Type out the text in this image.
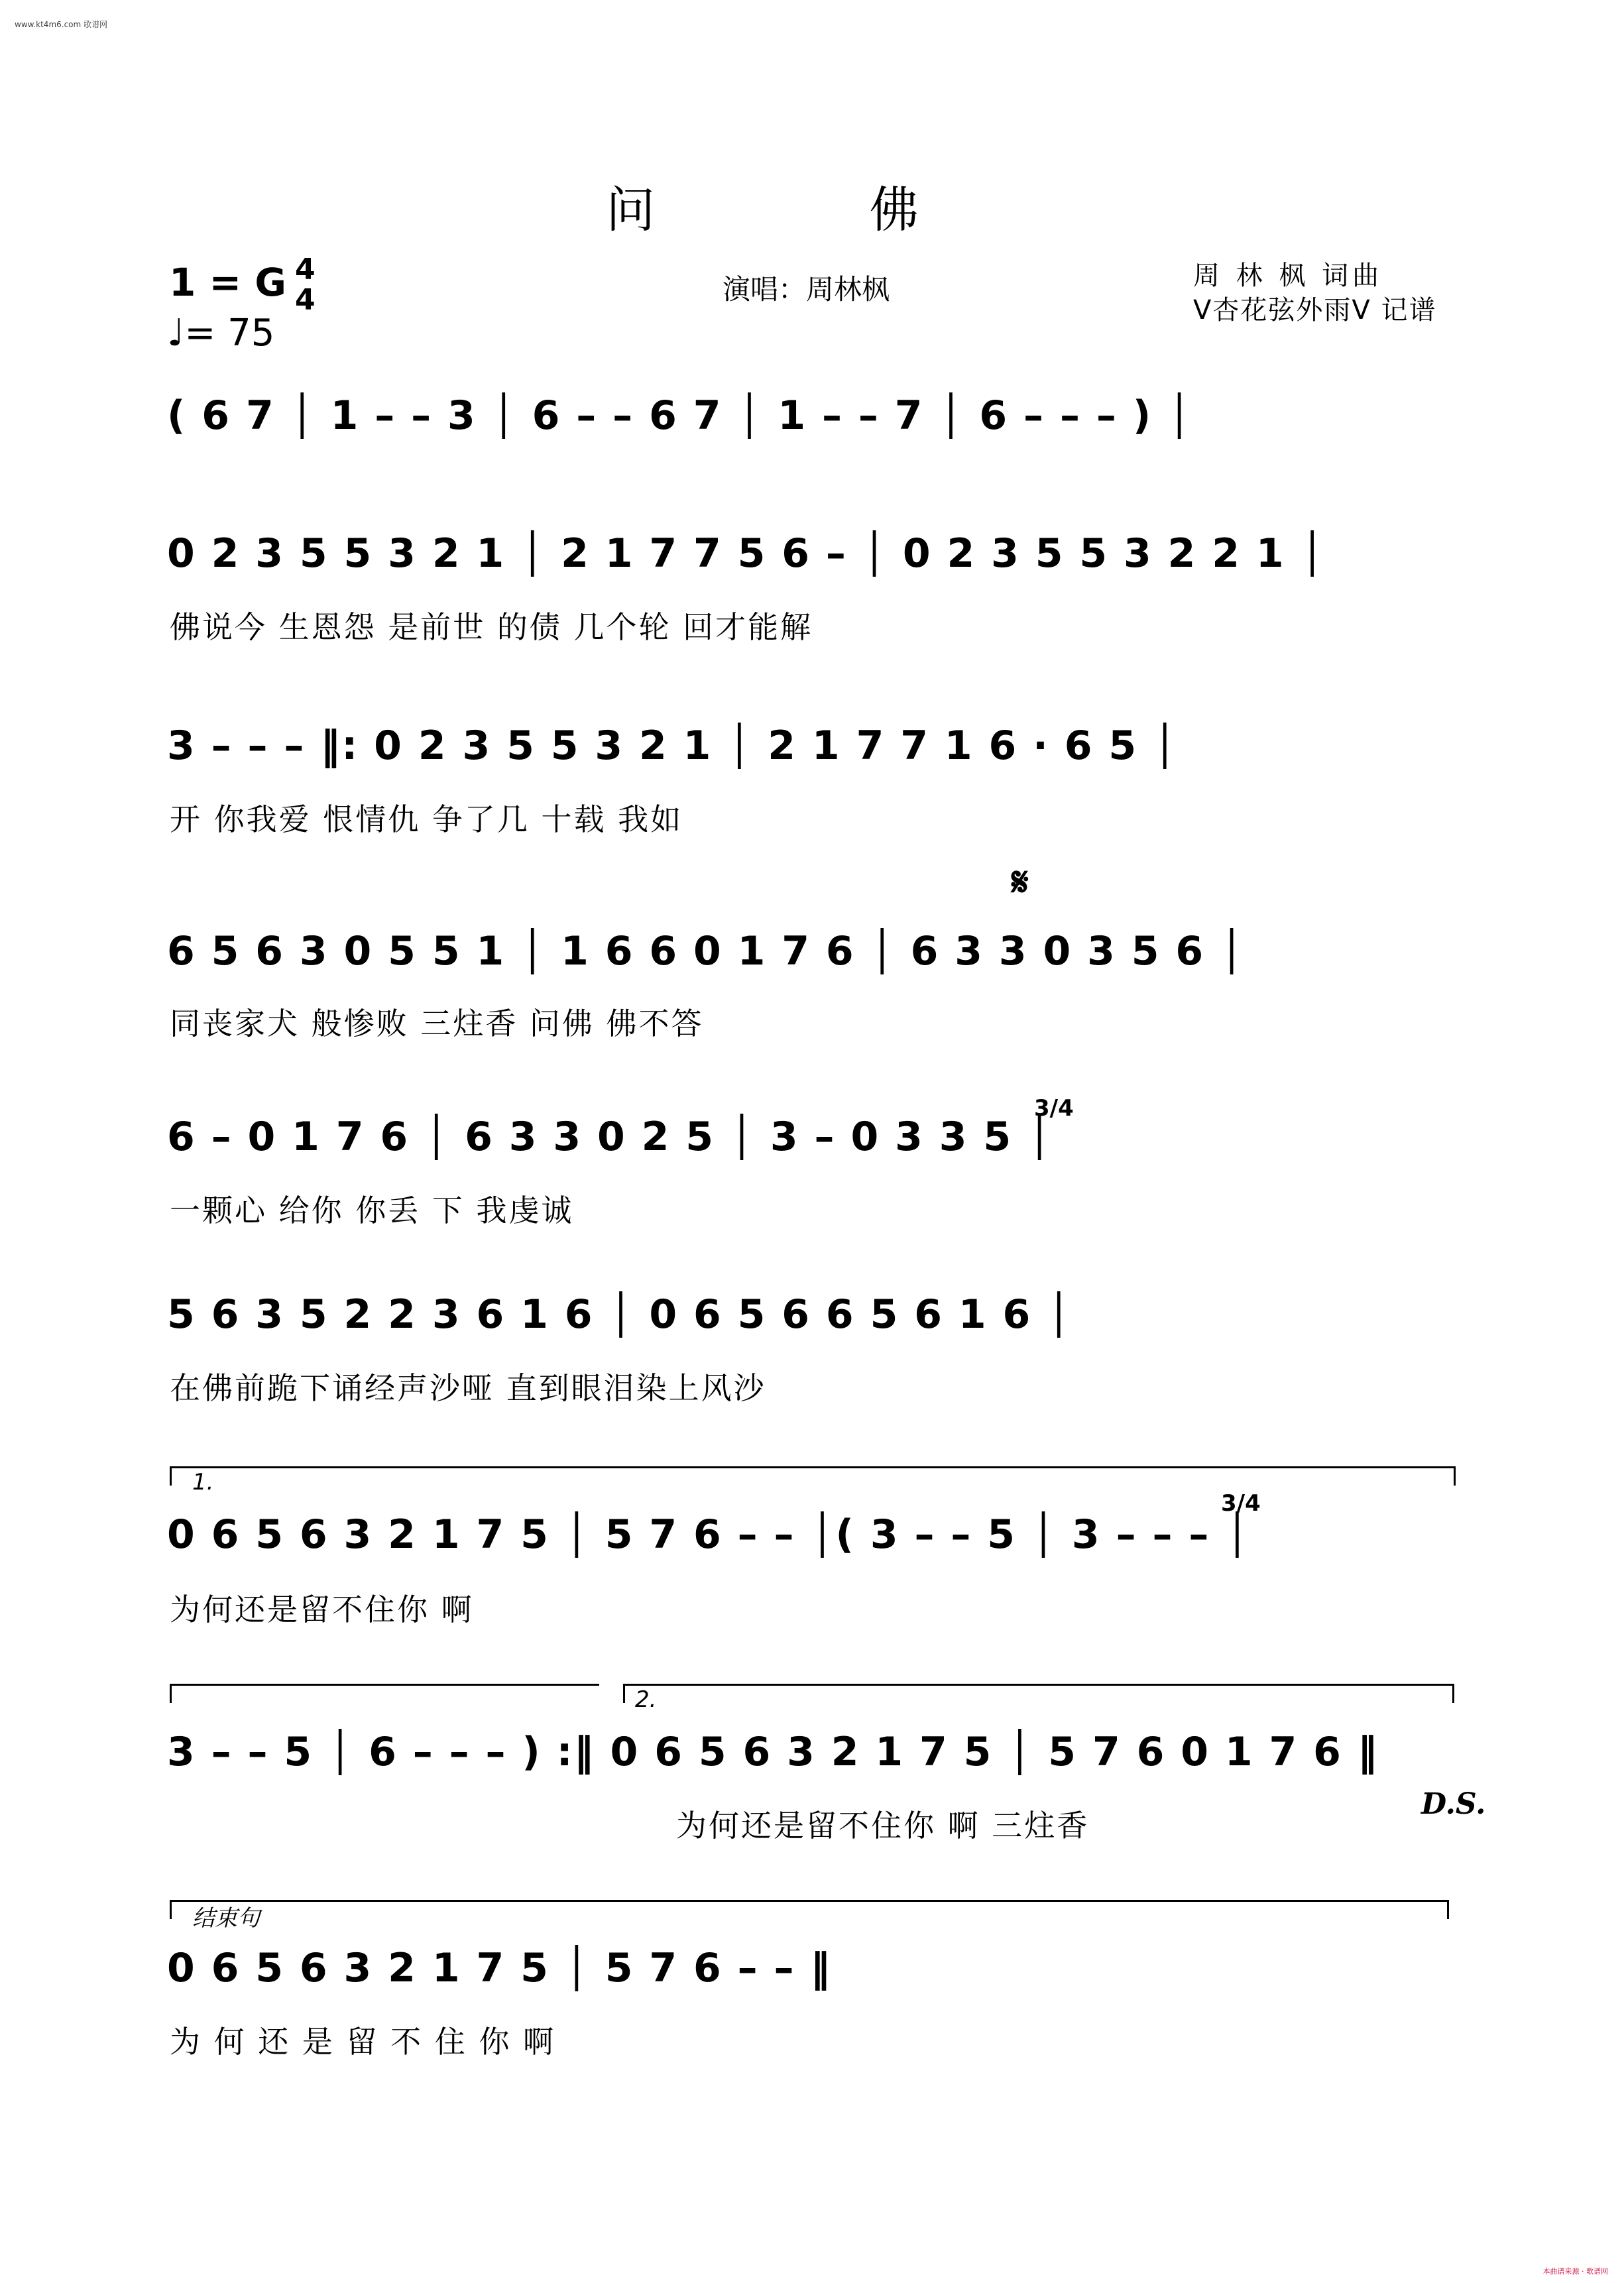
www.kt4m6.com 歌谱网
本曲谱来源 · 歌谱网
问 佛
1 = G 4
4
♩= 75
演唱：周林枫	周 林 枫 词曲
V杏花弦外雨V 记谱
( 6 7 │ 1 – – 3 │ 6 – – 6 7 │ 1 – – 7 │ 6 – – – ) │
0 2 3 5 5 3 2 1 │ 2 1 7 7 5 6 – │ 0 2 3 5 5 3 2 2 1 │
佛说今 生恩怨 是前世 的债 几个轮 回才能解
3 – – – ‖: 0 2 3 5 5 3 2 1 │ 2 1 7 7 1 6 · 6 5 │
开 你我爱 恨情仇 争了几 十载 我如
6 5 6 3 0 5 5 1 │ 1 6 6 0 1 7 6 │ 6 3 3 0 3 5 6 │
同丧家犬 般惨败 三炷香 问佛 佛不答
6 – 0 1 7 6 │ 6 3 3 0 2 5 │ 3 – 0 3 3 5 │
一颗心 给你 你丢 下 我虔诚
5 6 3 5 2 2 3 6 1 6 │ 0 6 5 6 6 5 6 1 6 │
在佛前跪下诵经声沙哑 直到眼泪染上风沙
0 6 5 6 3 2 1 7 5 │ 5 7 6 – – │( 3 – – 5 │ 3 – – – │
为何还是留不住你 啊
3 – – 5 │ 6 – – – ) :‖ 0 6 5 6 3 2 1 7 5 │ 5 7 6 0 1 7 6 ‖
为何还是留不住你 啊 三炷香
0 6 5 6 3 2 1 7 5 │ 5 7 6 – – ‖
为 何 还 是 留 不 住 你 啊
1.
2.
结束句
D.S.
𝄋
3/4
3/4
